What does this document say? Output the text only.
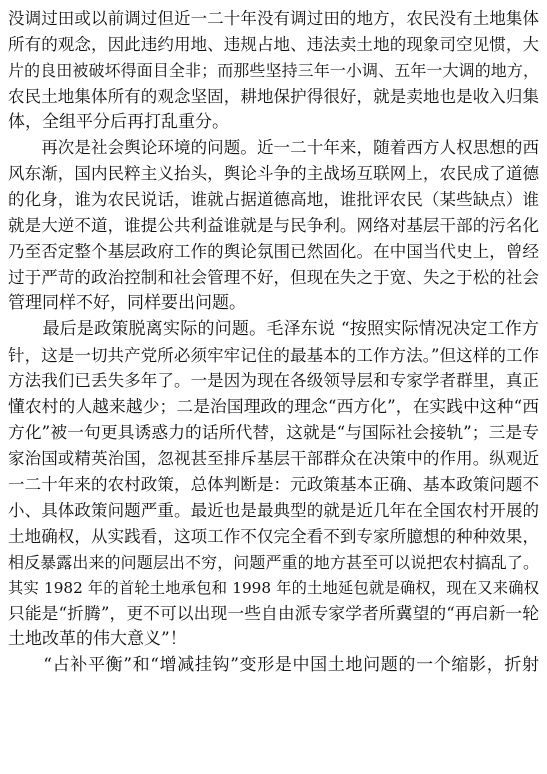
没调过田或以前调过但近一二十年没有调过田的地方，农民没有土地集体
所有的观念，因此违约用地、违规占地、违法卖土地的现象司空见惯，大
片的良田被破坏得面目全非；而那些坚持三年一小调、五年一大调的地方，
农民土地集体所有的观念坚固，耕地保护得很好，就是卖地也是收入归集
体，全组平分后再打乱重分。
　　再次是社会舆论环境的问题。近一二十年来，随着西方人权思想的西
风东渐，国内民粹主义抬头，舆论斗争的主战场互联网上，农民成了道德
的化身，谁为农民说话，谁就占据道德高地，谁批评农民（某些缺点）谁
就是大逆不道，谁提公共利益谁就是与民争利。网络对基层干部的污名化
乃至否定整个基层政府工作的舆论氛围已然固化。在中国当代史上，曾经
过于严苛的政治控制和社会管理不好，但现在失之于宽、失之于松的社会
管理同样不好，同样要出问题。
　　最后是政策脱离实际的问题。毛泽东说 “按照实际情况决定工作方
针，这是一切共产党所必须牢牢记住的最基本的工作方法。”但这样的工作
方法我们已丢失多年了。一是因为现在各级领导层和专家学者群里，真正
懂农村的人越来越少；二是治国理政的理念“西方化”，在实践中这种“西
方化”被一句更具诱惑力的话所代替，这就是“与国际社会接轨”；三是专
家治国或精英治国，忽视甚至排斥基层干部群众在决策中的作用。纵观近
一二十年来的农村政策，总体判断是：元政策基本正确、基本政策问题不
小、具体政策问题严重。最近也是最典型的就是近几年在全国农村开展的
土地确权，从实践看，这项工作不仅完全看不到专家所臆想的种种效果，
相反暴露出来的问题层出不穷，问题严重的地方甚至可以说把农村搞乱了。
其实 1982 年的首轮土地承包和 1998 年的土地延包就是确权，现在又来确权
只能是“折腾”，更不可以出现一些自由派专家学者所冀望的“再启新一轮
土地改革的伟大意义”！
　　“占补平衡”和“增减挂钩”变形是中国土地问题的一个缩影，折射
